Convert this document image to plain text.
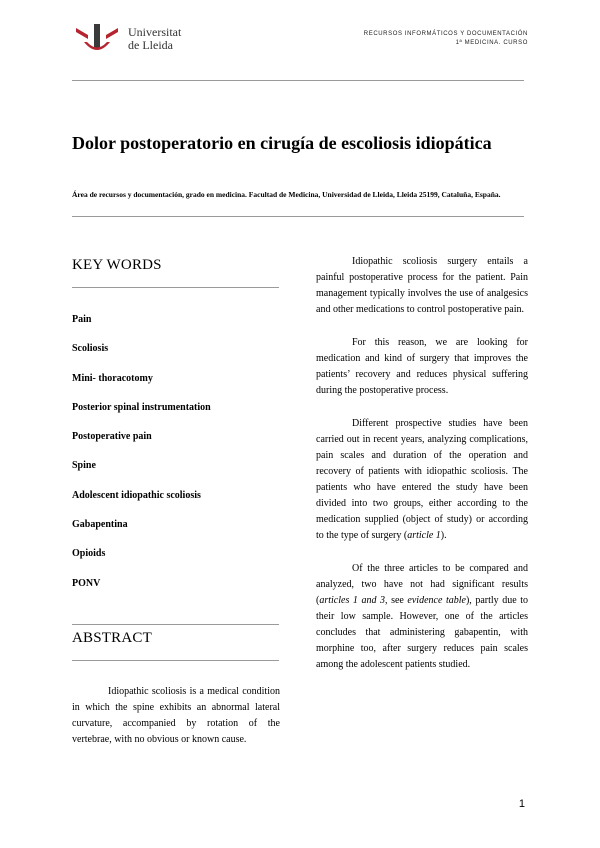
Universitat
de Lleida
RECURSOS INFORMÁTICOS Y DOCUMENTACIÓN
1ª MEDICINA. CURSO
Dolor postoperatorio en cirugía de escoliosis idiopática
Área de recursos y documentación, grado en medicina. Facultad de Medicina, Universidad de Lleida, Lleida 25199, Cataluña, España.
KEY WORDS
Pain
Scoliosis
Mini- thoracotomy
Posterior spinal instrumentation
Postoperative pain
Spine
Adolescent idiopathic scoliosis
Gabapentina
Opioids
PONV
ABSTRACT

Idiopathic scoliosis is a medical condition in which the spine exhibits an abnormal lateral curvature, accompanied by rotation of the vertebrae, with no obvious or known cause.

Idiopathic scoliosis surgery entails a painful postoperative process for the patient. Pain management typically involves the use of analgesics and other medications to control postoperative pain.

For this reason, we are looking for medication and kind of surgery that improves the patients’ recovery and reduces physical suffering during the postoperative process.

Different prospective studies have been carried out in recent years, analyzing complications, pain scales and duration of the operation and recovery of patients with idiopathic scoliosis. The patients who have entered the study have been divided into two groups, either according to the medication supplied (object of study) or according to the type of surgery (article 1).

Of the three articles to be compared and analyzed, two have not had significant results (articles 1 and 3, see evidence table), partly due to their low sample. However, one of the articles concludes that administering gabapentin, with morphine too, after surgery reduces pain scales among the adolescent patients studied.

1
